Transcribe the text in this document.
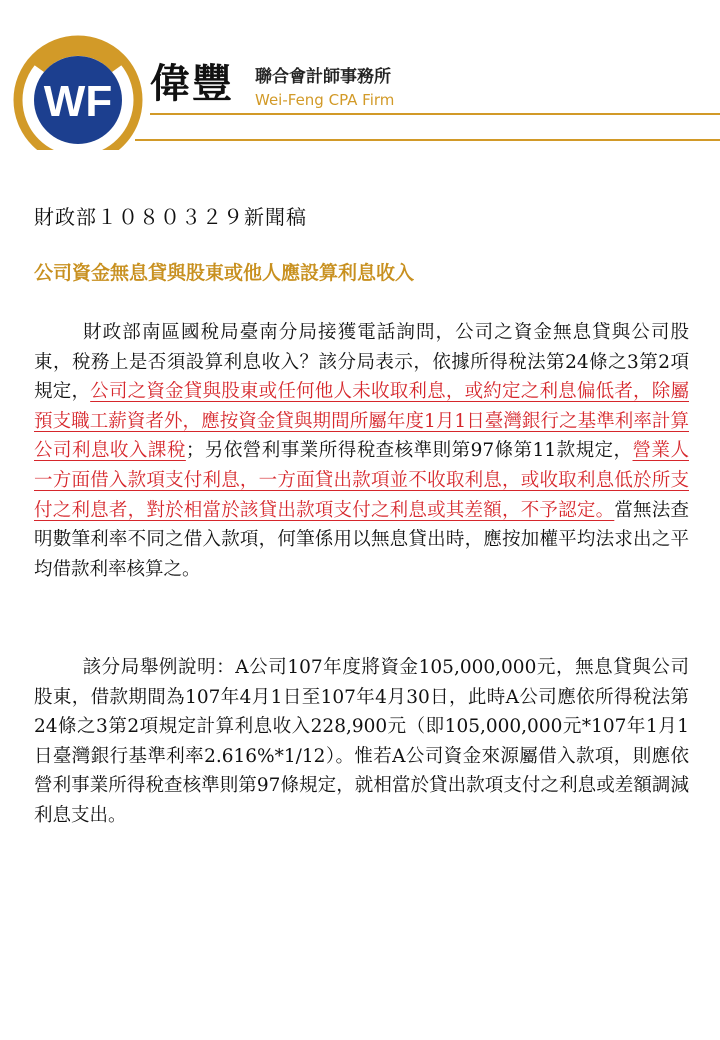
WF 偉豐 聯合會計師事務所
Wei-Feng CPA Firm
財政部１０８０３２９新聞稿
公司資金無息貸與股東或他人應設算利息收入

財政部南區國稅局臺南分局接獲電話詢問，公司之資金無息貸與公司股東，稅務上是否須設算利息收入？該分局表示，依據所得稅法第24條之3第2項規定，公司之資金貸與股東或任何他人未收取利息，或約定之利息偏低者，除屬預支職工薪資者外，應按資金貸與期間所屬年度1月1日臺灣銀行之基準利率計算公司利息收入課稅；另依營利事業所得稅查核準則第97條第11款規定，營業人一方面借入款項支付利息，一方面貸出款項並不收取利息，或收取利息低於所支付之利息者，對於相當於該貸出款項支付之利息或其差額，不予認定。當無法查明數筆利率不同之借入款項，何筆係用以無息貸出時，應按加權平均法求出之平均借款利率核算之。

該分局舉例說明：A公司107年度將資金105,000,000元，無息貸與公司股東，借款期間為107年4月1日至107年4月30日，此時A公司應依所得稅法第24條之3第2項規定計算利息收入228,900元（即105,000,000元*107年1月1日臺灣銀行基準利率2.616%*1/12）。惟若A公司資金來源屬借入款項，則應依營利事業所得稅查核準則第97條規定，就相當於貸出款項支付之利息或差額調減利息支出。
